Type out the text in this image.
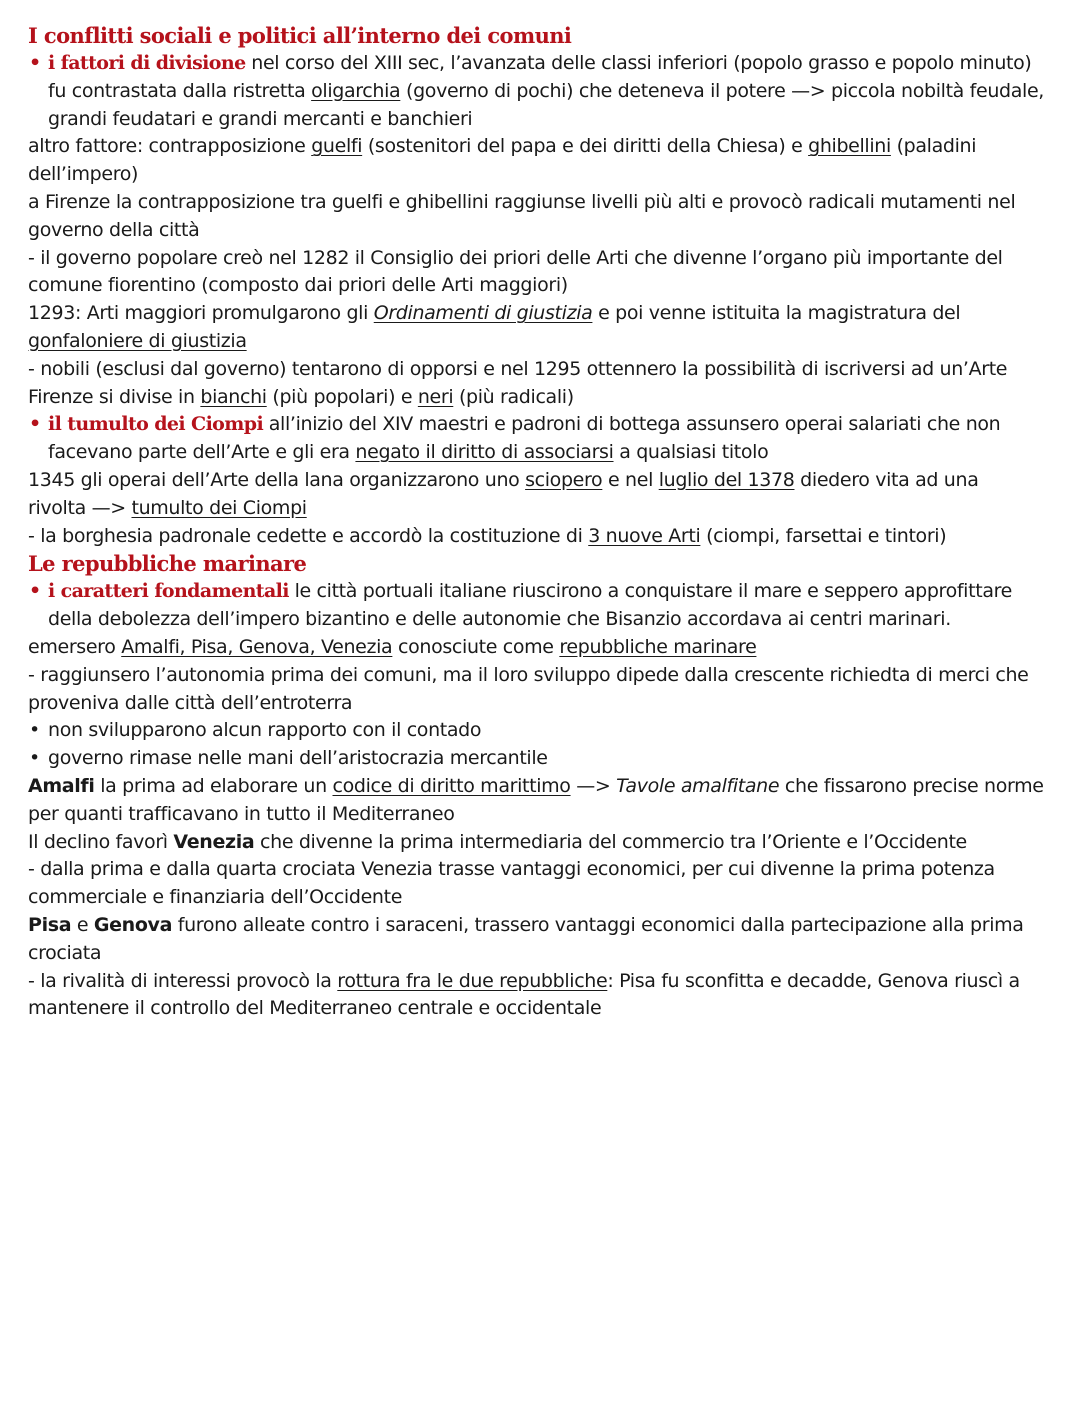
I conflitti sociali e politici all’interno dei comuni
• i fattori di divisione nel corso del XIII sec, l’avanzata delle classi inferiori (popolo grasso e popolo minuto)
fu contrastata dalla ristretta oligarchia (governo di pochi) che deteneva il potere —> piccola nobiltà feudale,
grandi feudatari e grandi mercanti e banchieri
altro fattore: contrapposizione guelfi (sostenitori del papa e dei diritti della Chiesa) e ghibellini (paladini
dell’impero)
a Firenze la contrapposizione tra guelfi e ghibellini raggiunse livelli più alti e provocò radicali mutamenti nel
governo della città
- il governo popolare creò nel 1282 il Consiglio dei priori delle Arti che divenne l’organo più importante del
comune fiorentino (composto dai priori delle Arti maggiori)
1293: Arti maggiori promulgarono gli Ordinamenti di giustizia e poi venne istituita la magistratura del
gonfaloniere di giustizia
- nobili (esclusi dal governo) tentarono di opporsi e nel 1295 ottennero la possibilità di iscriversi ad un’Arte
Firenze si divise in bianchi (più popolari) e neri (più radicali)
• il tumulto dei Ciompi all’inizio del XIV maestri e padroni di bottega assunsero operai salariati che non
facevano parte dell’Arte e gli era negato il diritto di associarsi a qualsiasi titolo
1345 gli operai dell’Arte della lana organizzarono uno sciopero e nel luglio del 1378 diedero vita ad una
rivolta —> tumulto dei Ciompi
- la borghesia padronale cedette e accordò la costituzione di 3 nuove Arti (ciompi, farsettai e tintori)
Le repubbliche marinare
• i caratteri fondamentali le città portuali italiane riuscirono a conquistare il mare e seppero approfittare
della debolezza dell’impero bizantino e delle autonomie che Bisanzio accordava ai centri marinari.
emersero Amalfi, Pisa, Genova, Venezia conosciute come repubbliche marinare
- raggiunsero l’autonomia prima dei comuni, ma il loro sviluppo dipede dalla crescente richiedta di merci che
proveniva dalle città dell’entroterra
• non svilupparono alcun rapporto con il contado
• governo rimase nelle mani dell’aristocrazia mercantile
Amalfi la prima ad elaborare un codice di diritto marittimo —> Tavole amalfitane che fissarono precise norme
per quanti trafficavano in tutto il Mediterraneo
Il declino favorì Venezia che divenne la prima intermediaria del commercio tra l’Oriente e l’Occidente
- dalla prima e dalla quarta crociata Venezia trasse vantaggi economici, per cui divenne la prima potenza
commerciale e finanziaria dell’Occidente
Pisa e Genova furono alleate contro i saraceni, trassero vantaggi economici dalla partecipazione alla prima
crociata
- la rivalità di interessi provocò la rottura fra le due repubbliche: Pisa fu sconfitta e decadde, Genova riuscì a
mantenere il controllo del Mediterraneo centrale e occidentale
